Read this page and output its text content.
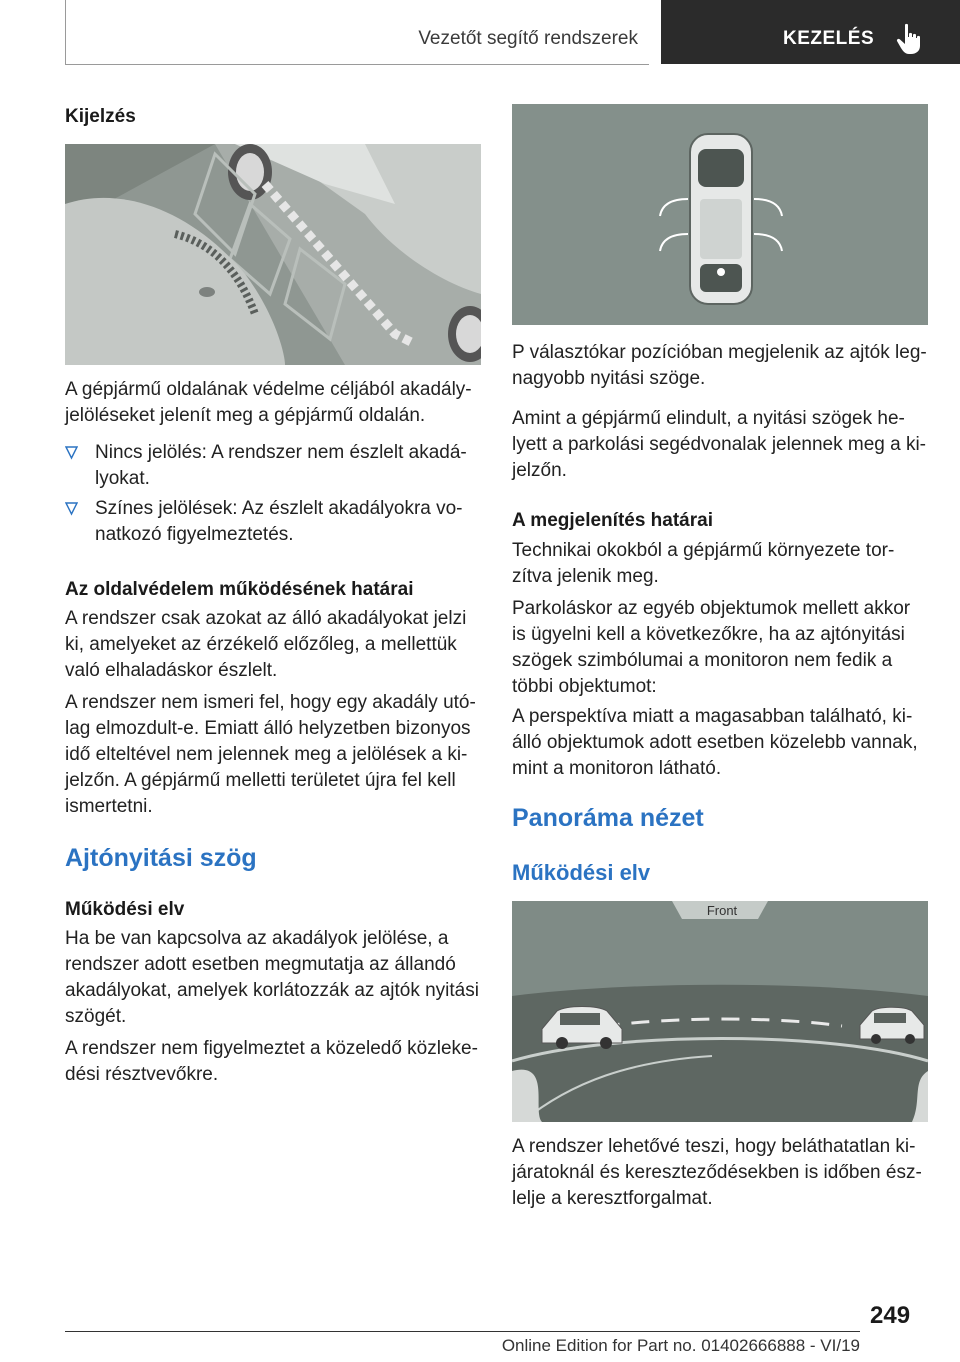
Vezetőt segítő rendszerek	KEZELÉS
Kijelzés
A gépjármű oldalának védelme céljából akadály-jelöléseket jelenít meg a gépjármű oldalán.
Nincs jelölés: A rendszer nem észlelt akadá-lyokat.
Színes jelölések: Az észlelt akadályokra vo-natkozó figyelmeztetés.
Az oldalvédelem működésének határai
A rendszer csak azokat az álló akadályokat jelzi ki, amelyeket az érzékelő előzőleg, a mellettük való elhaladáskor észlelt.
A rendszer nem ismeri fel, hogy egy akadály utó-lag elmozdult-e. Emiatt álló helyzetben bizonyos idő elteltével nem jelennek meg a jelölések a ki-jelzőn. A gépjármű melletti területet újra fel kell ismertetni.
Ajtónyitási szög
Működési elv
Ha be van kapcsolva az akadályok jelölése, a rendszer adott esetben megmutatja az állandó akadályokat, amelyek korlátozzák az ajtók nyitási szögét.
A rendszer nem figyelmeztet a közeledő közleke-dési résztvevőkre.
P választókar pozícióban megjelenik az ajtók leg-nagyobb nyitási szöge.
Amint a gépjármű elindult, a nyitási szögek he-lyett a parkolási segédvonalak jelennek meg a ki-jelzőn.
A megjelenítés határai
Technikai okokból a gépjármű környezete tor-zítva jelenik meg.
Parkoláskor az egyéb objektumok mellett akkor is ügyelni kell a következőkre, ha az ajtónyitási szögek szimbólumai a monitoron nem fedik a többi objektumot:
A perspektíva miatt a magasabban található, ki-álló objektumok adott esetben közelebb vannak, mint a monitoron látható.
Panoráma nézet
Működési elv
Front
A rendszer lehetővé teszi, hogy beláthatatlan ki-járatoknál és kereszteződésekben is időben ész-lelje a keresztforgalmat.
249
Online Edition for Part no. 01402666888 - VI/19
